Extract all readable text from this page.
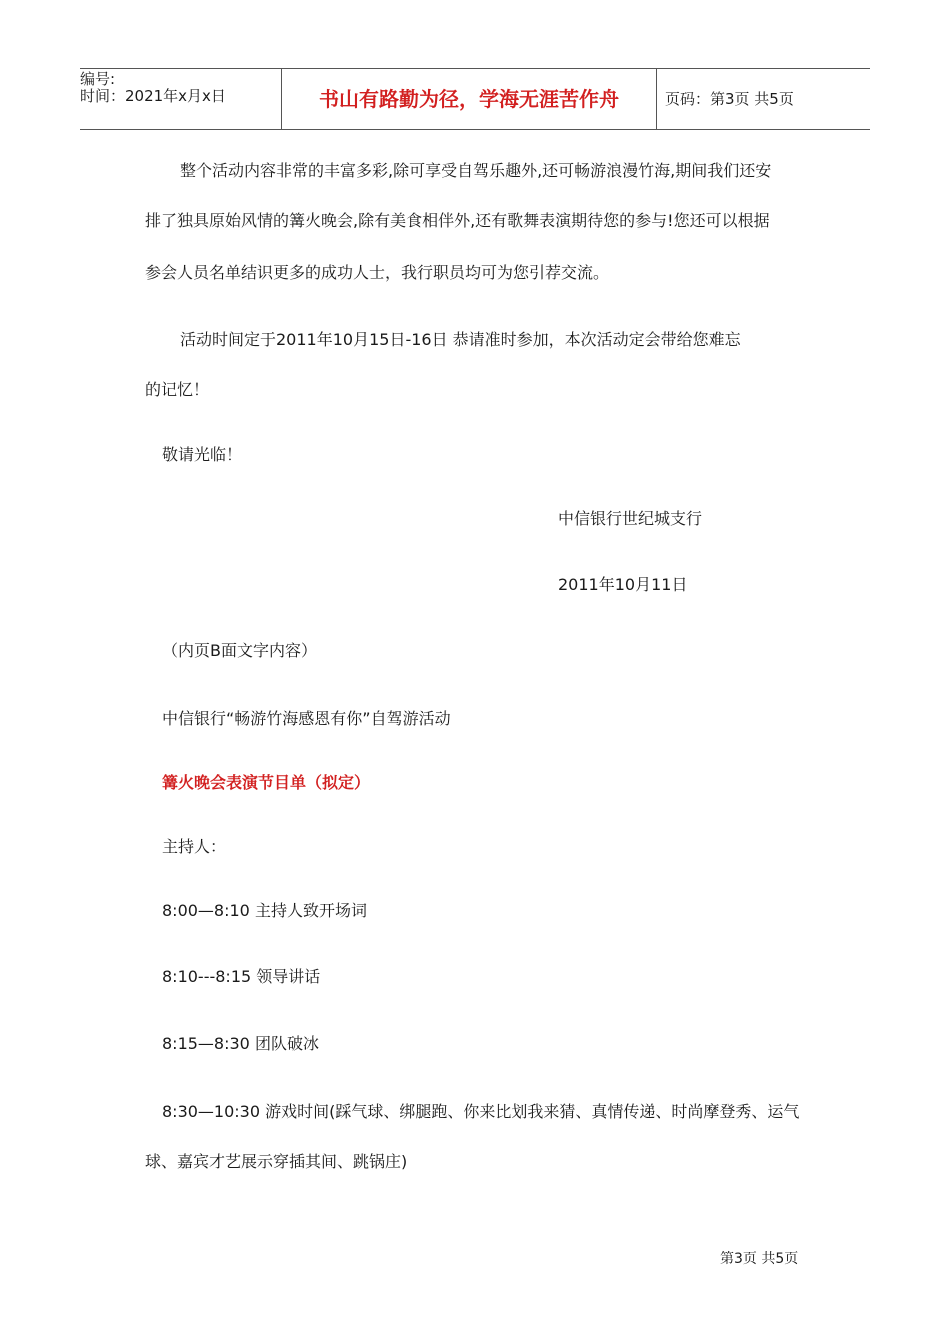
编号:
时间：2021年x月x日	书山有路勤为径，学海无涯苦作舟	页码：第3页 共5页
整个活动内容非常的丰富多彩,除可享受自驾乐趣外,还可畅游浪漫竹海,期间我们还安
排了独具原始风情的篝火晚会,除有美食相伴外,还有歌舞表演期待您的参与!您还可以根据
参会人员名单结识更多的成功人士，我行职员均可为您引荐交流。
活动时间定于2011年10月15日-16日 恭请准时参加，本次活动定会带给您难忘
的记忆！
敬请光临！
中信银行世纪城支行
2011年10月11日
（内页B面文字内容）
中信银行“畅游竹海感恩有你”自驾游活动
篝火晚会表演节目单（拟定）
主持人：
8:00—8:10 主持人致开场词
8:10---8:15 领导讲话
8:15—8:30 团队破冰
8:30—10:30 游戏时间(踩气球、绑腿跑、你来比划我来猜、真情传递、时尚摩登秀、运气
球、嘉宾才艺展示穿插其间、跳锅庄)
第3页 共5页
